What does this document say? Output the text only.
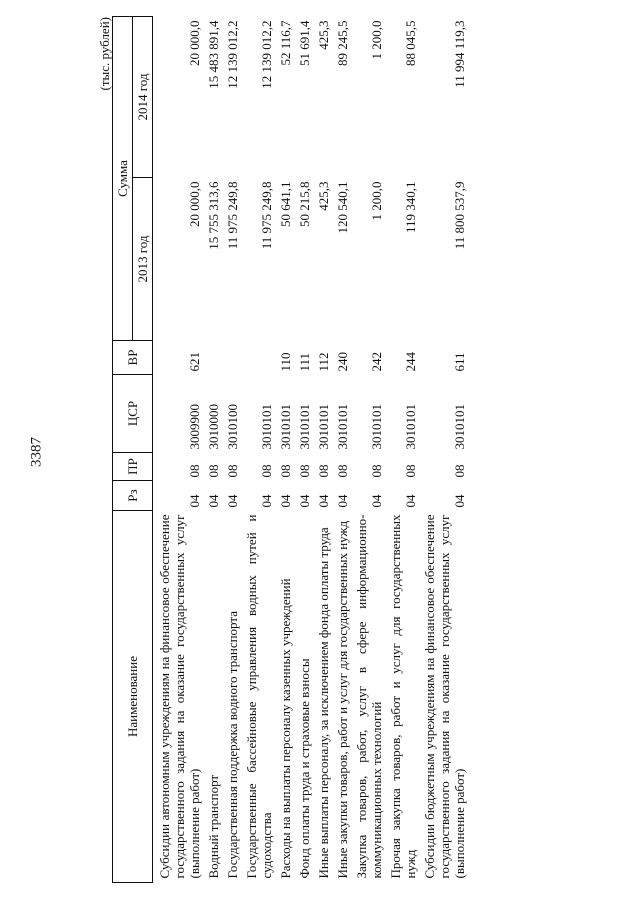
3387
(тыс. рублей)
Наименование	Рз	ПР	ЦСР	ВР	Сумма	
					2013 год	2014 год
Субсидии автономным учреждениям на финансовое обеспечение государственного задания на оказание государственных услуг (выполнение работ)	04	08	3009900	621	20 000,0	20 000,0
Водный транспорт	04	08	3010000		15 755 313,6	15 483 891,4
Государственная поддержка водного транспорта	04	08	3010100		11 975 249,8	12 139 012,2
Государственные бассейновые управления водных путей и судоходства	04	08	3010101		11 975 249,8	12 139 012,2
Расходы на выплаты персоналу казенных учреждений	04	08	3010101	110	50 641,1	52 116,7
Фонд оплаты труда и страховые взносы	04	08	3010101	111	50 215,8	51 691,4
Иные выплаты персоналу, за исключением фонда оплаты труда	04	08	3010101	112	425,3	425,3
Иные закупки товаров, работ и услуг для государственных нужд	04	08	3010101	240	120 540,1	89 245,5
Закупка товаров, работ, услуг в сфере информационно-коммуникационных технологий	04	08	3010101	242	1 200,0	1 200,0
Прочая закупка товаров, работ и услуг для государственных нужд	04	08	3010101	244	119 340,1	88 045,5
Субсидии бюджетным учреждениям на финансовое обеспечение государственного задания на оказание государственных услуг (выполнение работ)	04	08	3010101	611	11 800 537,9	11 994 119,3
